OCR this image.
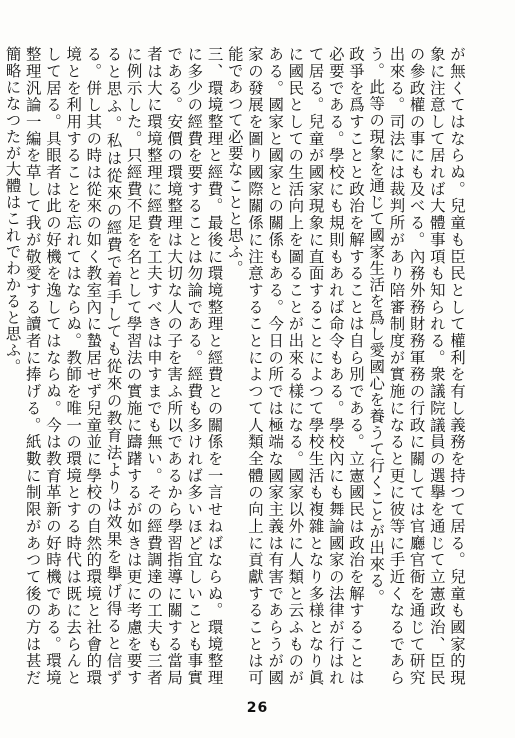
が無くてはならぬ。兒童も臣民として權利を有し義務を持つて居る。兒童も國家的現象に注意して居れば大體事項も知られる。衆議院議員の選擧を通じて立憲政治、臣民の參政權の事にも及べる。內務外務財務軍務の行政に關しては官廳官衙を通じて研究出來る。司法には裁判所があり陪審制度が實施になると更に彼等に手近くなるであらう。此等の現象を通じて國家生活を爲し愛國心を養うて行くことが出來る。

政爭を爲すことと政治を解することは自ら別である。立憲國民は政治を解することは必要である。學校にも規則もあれば命令もある。學校內にも舞論國家の法律が行はれて居る。兒童が國家現象に直面することによつて學校生活も複雜となり多様となり眞に國民としての生活向上を圖ることが出來る樣になる。國家以外に人類と云ふものがある。國家と國家との關係もある。今日の所では極端な國家主義は有害であらうが國家の發展を圖り國際關係に注意することによつて人類全體の向上に貢獻することは可能であつて必要なことと思ふ。

三、環境整理と經費。最後に環境整理と經費との關係を一言せねばならぬ。環境整理に多少の經費を要することは勿論である。經費も多ければ多いほど宜しいことも事實である。安價の環境整理は大切な人の子を害ふ所以であるから學習指導に關する當局者は大に環境整理に經費を工夫すべきは申すまでも無い。その經費調達の工夫も三者に例示した。只經費不足を名として學習法の實施に躊躇するが如きは更に考慮を要すると思ふ。私は從來の經費で着手しても從來の教育法よりは效果を擧げ得ると信ずる。併し其の時は從來の如く教室內に蟄居せず兒童並に學校の自然的環境と社會的環境とを利用することを忘れてはならぬ。教師を唯一の環境とする時代は既に去らんとして居る。具眼者は此の好機を逸してはならぬ。今は教育革新の好時機である。環境整理汎論一編を草して我が敬愛する讀者に捧げる。紙數に制限があつて後の方は甚だ簡略になつたが大體はこれでわかると思ふ。

26
